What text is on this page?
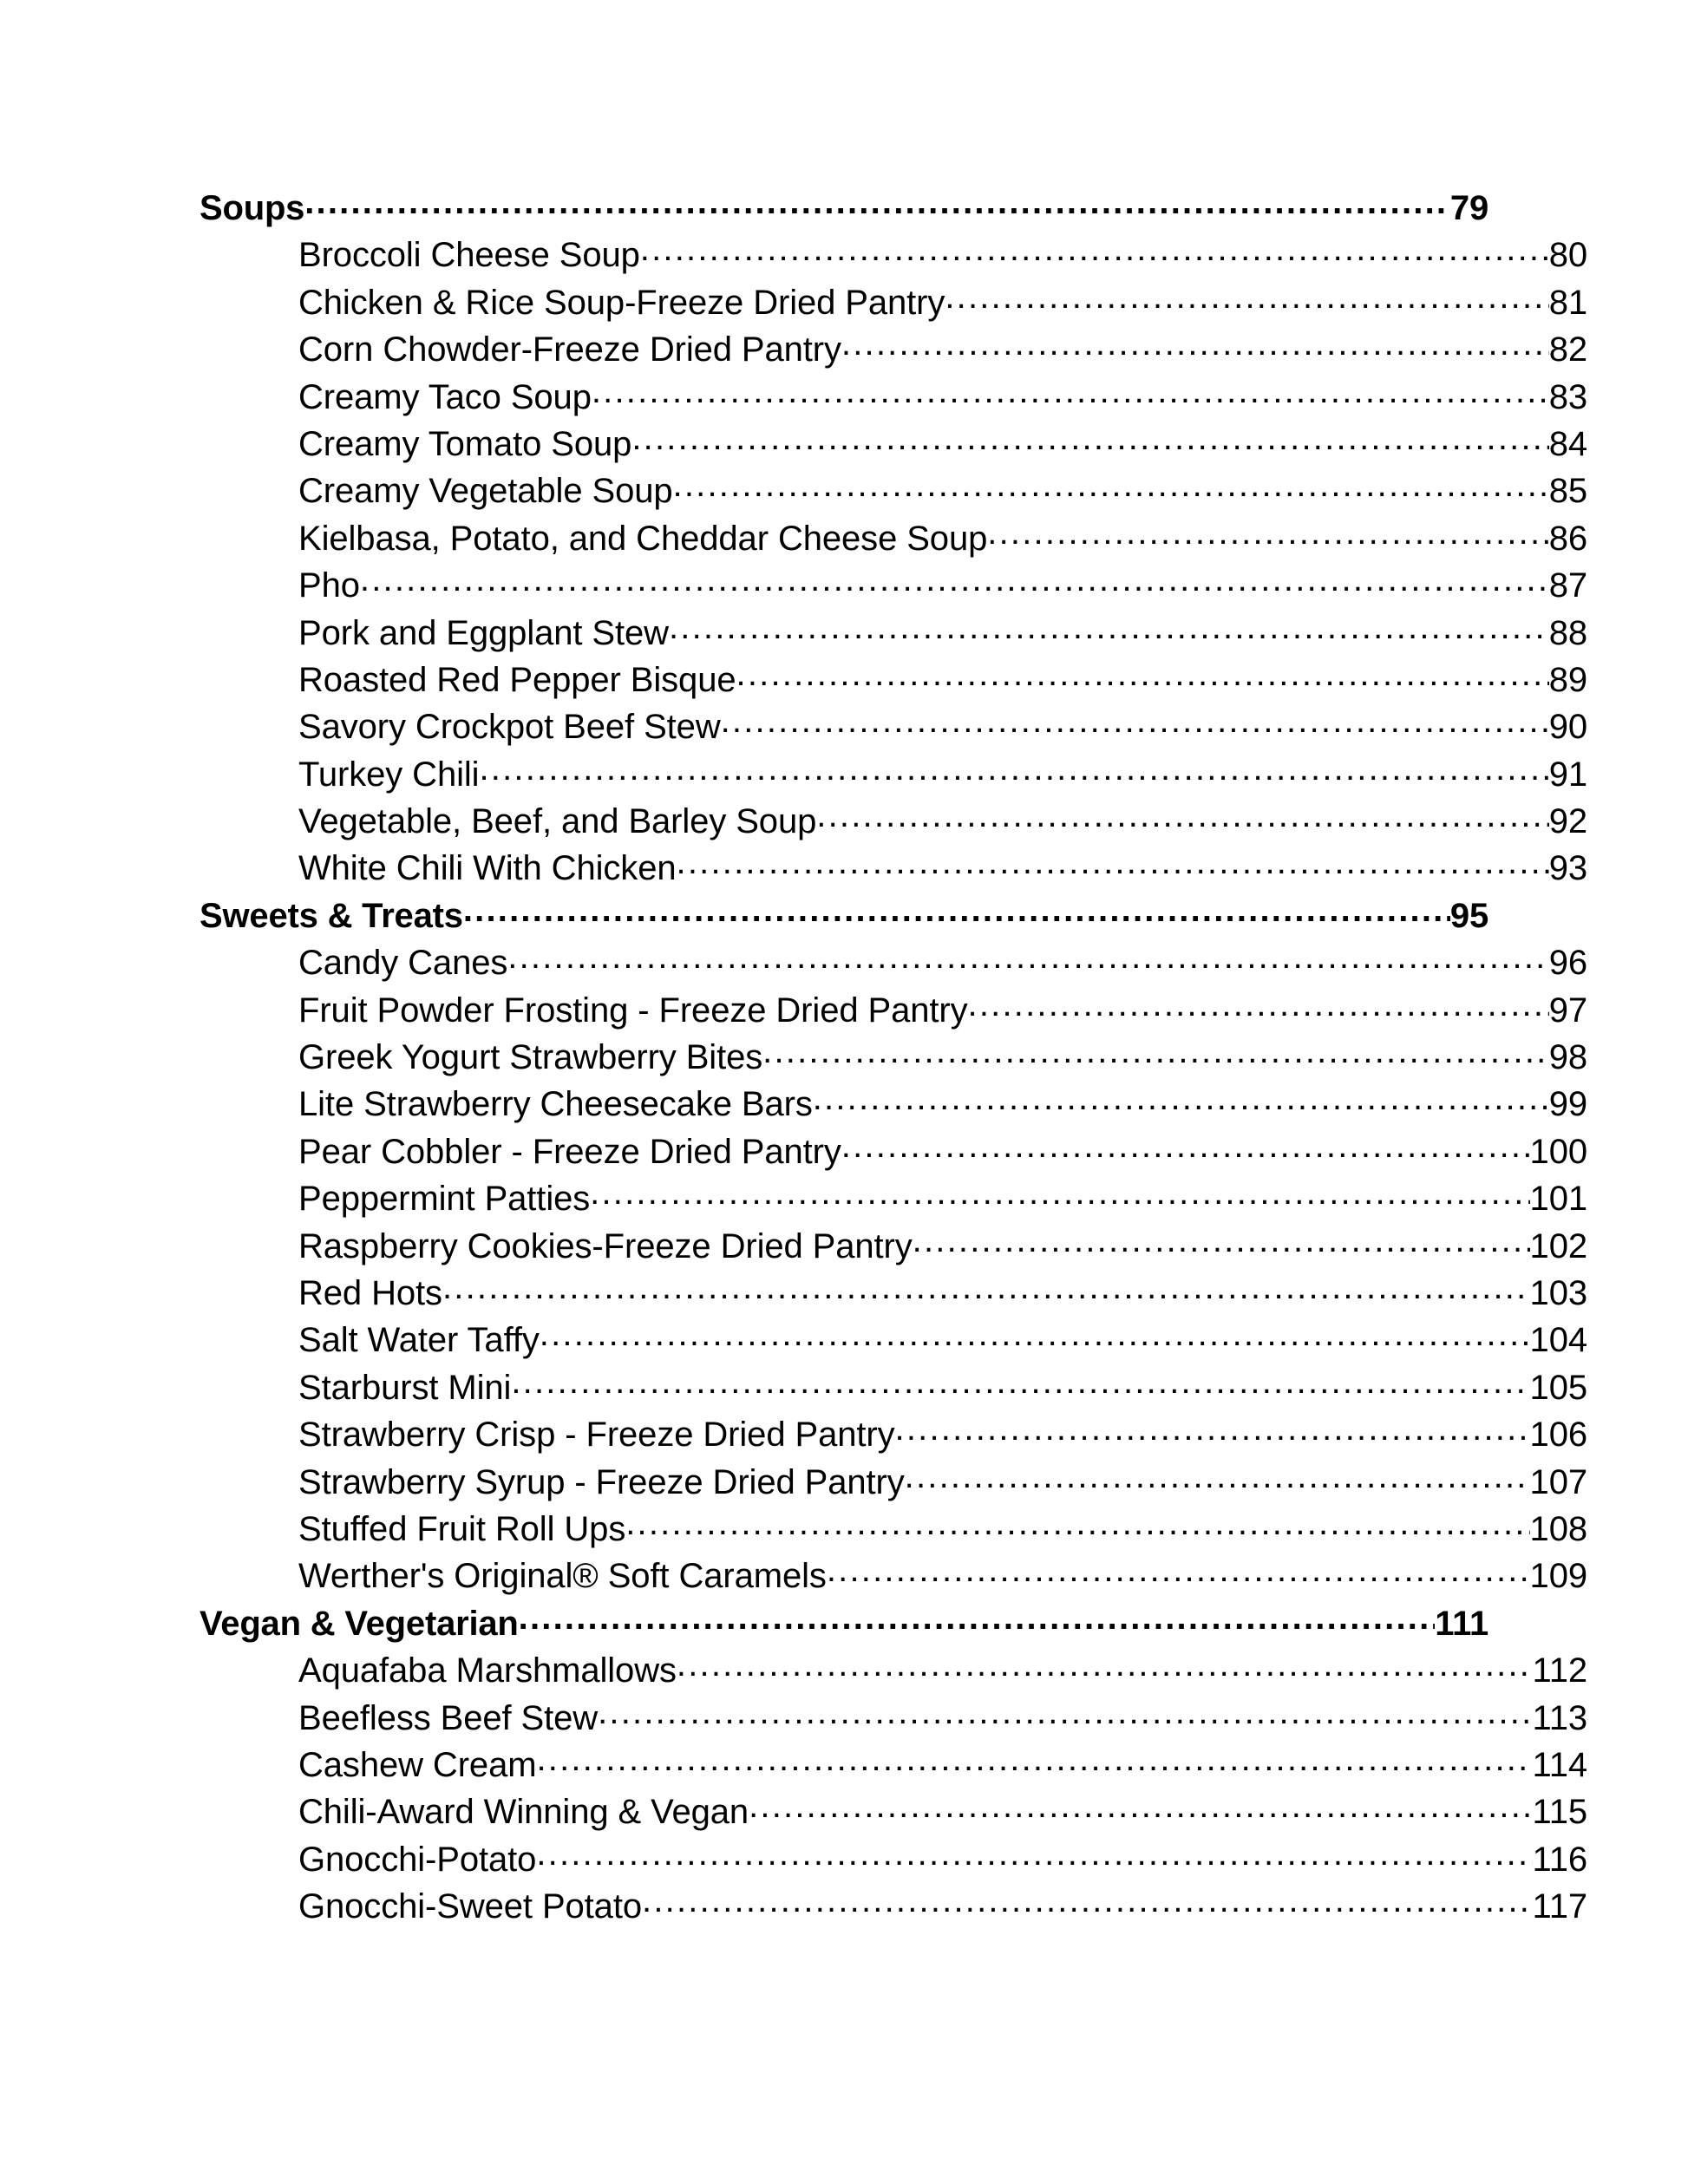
Soups .....	79
Broccoli Cheese Soup .....	80
Chicken & Rice Soup-Freeze Dried Pantry .....	81
Corn Chowder-Freeze Dried Pantry .....	82
Creamy Taco Soup .....	83
Creamy Tomato Soup .....	84
Creamy Vegetable Soup .....	85
Kielbasa, Potato, and Cheddar Cheese Soup .....	86
Pho .....	87
Pork and Eggplant Stew .....	88
Roasted Red Pepper Bisque .....	89
Savory Crockpot Beef Stew .....	90
Turkey Chili .....	91
Vegetable, Beef, and Barley Soup .....	92
White Chili With Chicken .....	93
Sweets & Treats .....	95
Candy Canes .....	96
Fruit Powder Frosting - Freeze Dried Pantry .....	97
Greek Yogurt Strawberry Bites .....	98
Lite Strawberry Cheesecake Bars .....	99
Pear Cobbler - Freeze Dried Pantry .....	100
Peppermint Patties .....	101
Raspberry Cookies-Freeze Dried Pantry .....	102
Red Hots .....	103
Salt Water Taffy .....	104
Starburst Mini .....	105
Strawberry Crisp - Freeze Dried Pantry .....	106
Strawberry Syrup - Freeze Dried Pantry .....	107
Stuffed Fruit Roll Ups .....	108
Werther's Original® Soft Caramels .....	109
Vegan & Vegetarian .....	111
Aquafaba Marshmallows .....	112
Beefless Beef Stew .....	113
Cashew Cream .....	114
Chili-Award Winning & Vegan .....	115
Gnocchi-Potato .....	116
Gnocchi-Sweet Potato .....	117
